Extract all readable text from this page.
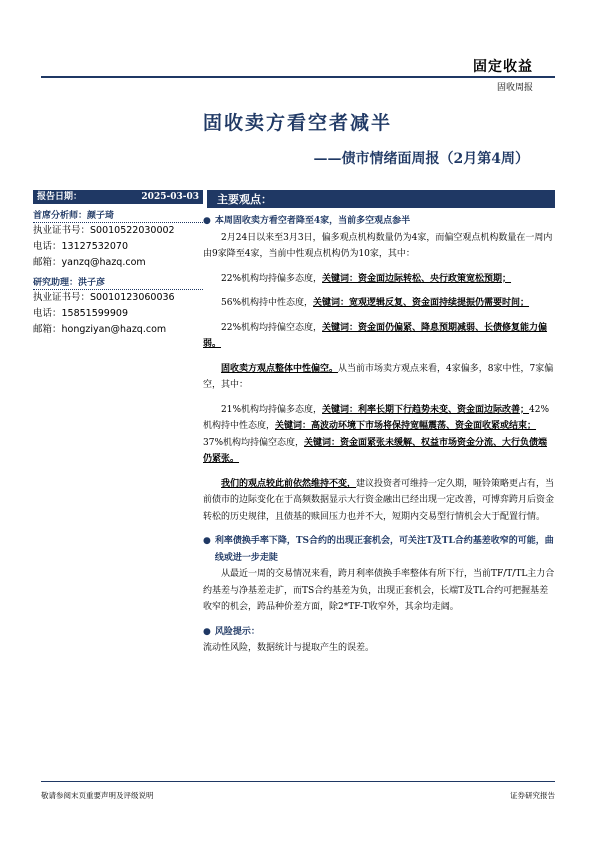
固定收益
固收周报
固收卖方看空者减半
——债市情绪面周报（2月第4周）
报告日期：	2025-03-03
首席分析师：颜子琦
执业证书号：S0010522030002
电话：13127532070
邮箱：yanzq@hazq.com
研究助理：洪子彦
执业证书号：S0010123060036
电话：15851599909
邮箱：hongziyan@hazq.com
主要观点：
● 本周固收卖方看空者降至4家，当前多空观点参半

2月24日以来至3月3日，偏多观点机构数量仍为4家，而偏空观点机构数量在一周内由9家降至4家，当前中性观点机构仍为10家，其中：

22%机构均持偏多态度，关键词：资金面边际转松、央行政策宽松预期；

56%机构持中性态度，关键词：宽观逻辑反复、资金面持续提振仍需要时间；

22%机构均持偏空态度，关键词：资金面仍偏紧、降息预期减弱、长债修复能力偏弱。

固收卖方观点整体中性偏空。从当前市场卖方观点来看，4家偏多，8家中性，7家偏空，其中：

21%机构均持偏多态度，关键词：利率长期下行趋势未变、资金面边际改善；42%机构持中性态度，关键词：高波动环境下市场将保持宽幅震荡、资金面收紧或结束；37%机构均持偏空态度，关键词：资金面紧张未缓解、权益市场资金分流、大行负债端仍紧张。

我们的观点较此前依然维持不变，建议投资者可维持一定久期，哑铃策略更占有，当前债市的边际变化在于高频数据显示大行资金融出已经出现一定改善，可博弈跨月后资金转松的历史规律，且债基的赎回压力也并不大，短期内交易型行情机会大于配置行情。

● 利率债换手率下降，TS合约的出现正套机会，可关注T及TL合约基差收窄的可能，曲线或进一步走陡

从最近一周的交易情况来看，跨月利率债换手率整体有所下行，当前TF/T/TL主力合约基差与净基差走扩，而TS合约基差为负，出现正套机会，长端T及TL合约可把握基差收窄的机会，跨品种价差方面，除2*TF-T收窄外，其余均走阔。

● 风险提示：

流动性风险，数据统计与提取产生的误差。

敬请参阅末页重要声明及评级说明	证券研究报告
